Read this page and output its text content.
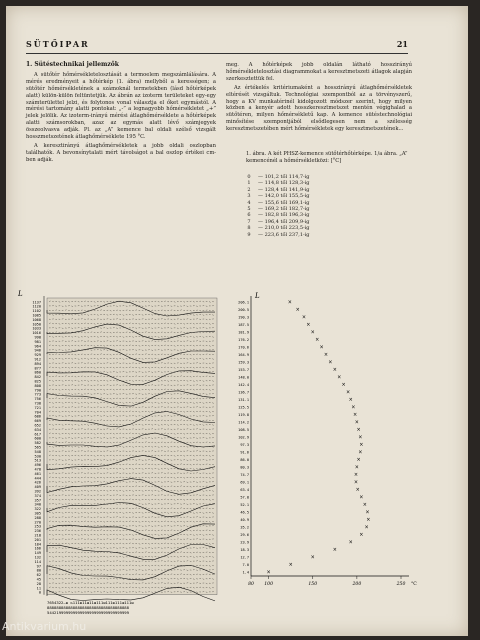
SÜTŐIPAR	21
1. Sütéstechnikai jellemzők

A sütőtér hőmérsékletelosztását a termoelem megszámlálására. A mérés eredményeit a hőtérkép (1. ábra) mellyből a kerességen; a sütőtér hőmérsékletének a számoknál termetekben (lásd hőtérképek alatt) külön-külön feltüntetjük. Az ábrán az izoterm területeket egy-egy számterülettel jelzi, és folytonos vonal választja el őket egymástól. A mérési tartomány alatti pontokat: „-” a legnagyobb hőmérsékletet „+” jelek jelölik. Az izoterm-irányú mérési átlaghőmérséklete a hőtérképek alatti számsorokban, azaz az egymás alatt lévő számjegyek összeolvasva adják. Pl. az „A” kemence bal oldali szélső vizsgált hosszmetszetének átlaghőmérséklete 195 °C.

A keresztirányú átlaghőmérsékletek a jobb oldali oszlopban találhatók. A bevonsínytalati mért távolságot a bal oszlop értékei cm-ben adják.

meg. A hőtérképek jobb oldalán látható hosszirányú hőmérsékletelosztási diagrammokat a keresztmetszeti átlagok alapján szerkesztettük fel.

Az értékelés kritériumaként a hosszirányú átlaghőmérsékletek eltérését vizsgáltuk. Technológiai szempontból az a törvényszerű, hogy a KV munkatérinél kidolgozott módszer szerint, hogy milyen közben a kenyér adott hosszkeresztmetszet mentén végighalad a sütőtéren, milyen hőmérsékletű kap. A kemence sütéstechnológiai minősítése szempontjából elsődlegesen nem a szélesség keresztmetszetében mért hőmérsékletek egy keresztmetszetének...

1. ábra. A két PHSZ-kemence sütőtérhőtérképe. 1/a ábra. „A” kemencénél a hőmérsékletközi: [°C]
0	— 101,2 től 114,7-ig
1	— 114,8 től 128,3-ig
2	— 128,4 től 141,9-ig
3	— 142,0 től 155,5-ig
4	— 155,6 től 169,1-ig
5	— 169,2 től 182,7-ig
6	— 182,8 től 196,3-ig
7	— 196,4 től 209,9-ig
8	— 210,0 től 223,5-ig
9	— 223,6 től 237,1-ig
L
1137
1120
1102
1085
1068
1050
1033
1016
998
981
964
946
929
912
894
877
860
842
825
808
790
773
756
738
721
704
686
669
652
634
617
600
582
565
548
530
513
496
478
461
444
426
409
392
374
357
340
322
305
288
270
253
236
218
201
184
166
149
132
114
97
80
62
45
28
11
0
7654322—ш ь111ш11ш11ш111ш111ш111ш111ш
88888888888888888888888888888888888
54421999999999999999999999999999999
L
206.1
200.5
190.3
187.5
181.9
176.2
170.6
164.9
159.3
153.7
148.0
142.4
136.7
131.1
125.5
119.8
114.2
108.5
102.9
97.3
91.6
86.0
80.3
74.7
69.1
63.4
57.8
52.1
46.5
40.9
35.2
29.6
23.9
18.3
12.7
7.0
1.4
80 100	150	200	250 °C
×
×
×
×
×
×
×
×
×
×
×
×
×
×
×
×
×
×
×
×
×
×
×
×
×
×
×
×
×
×
×
×
×
×
×
×
×
Antikvarium.hu
